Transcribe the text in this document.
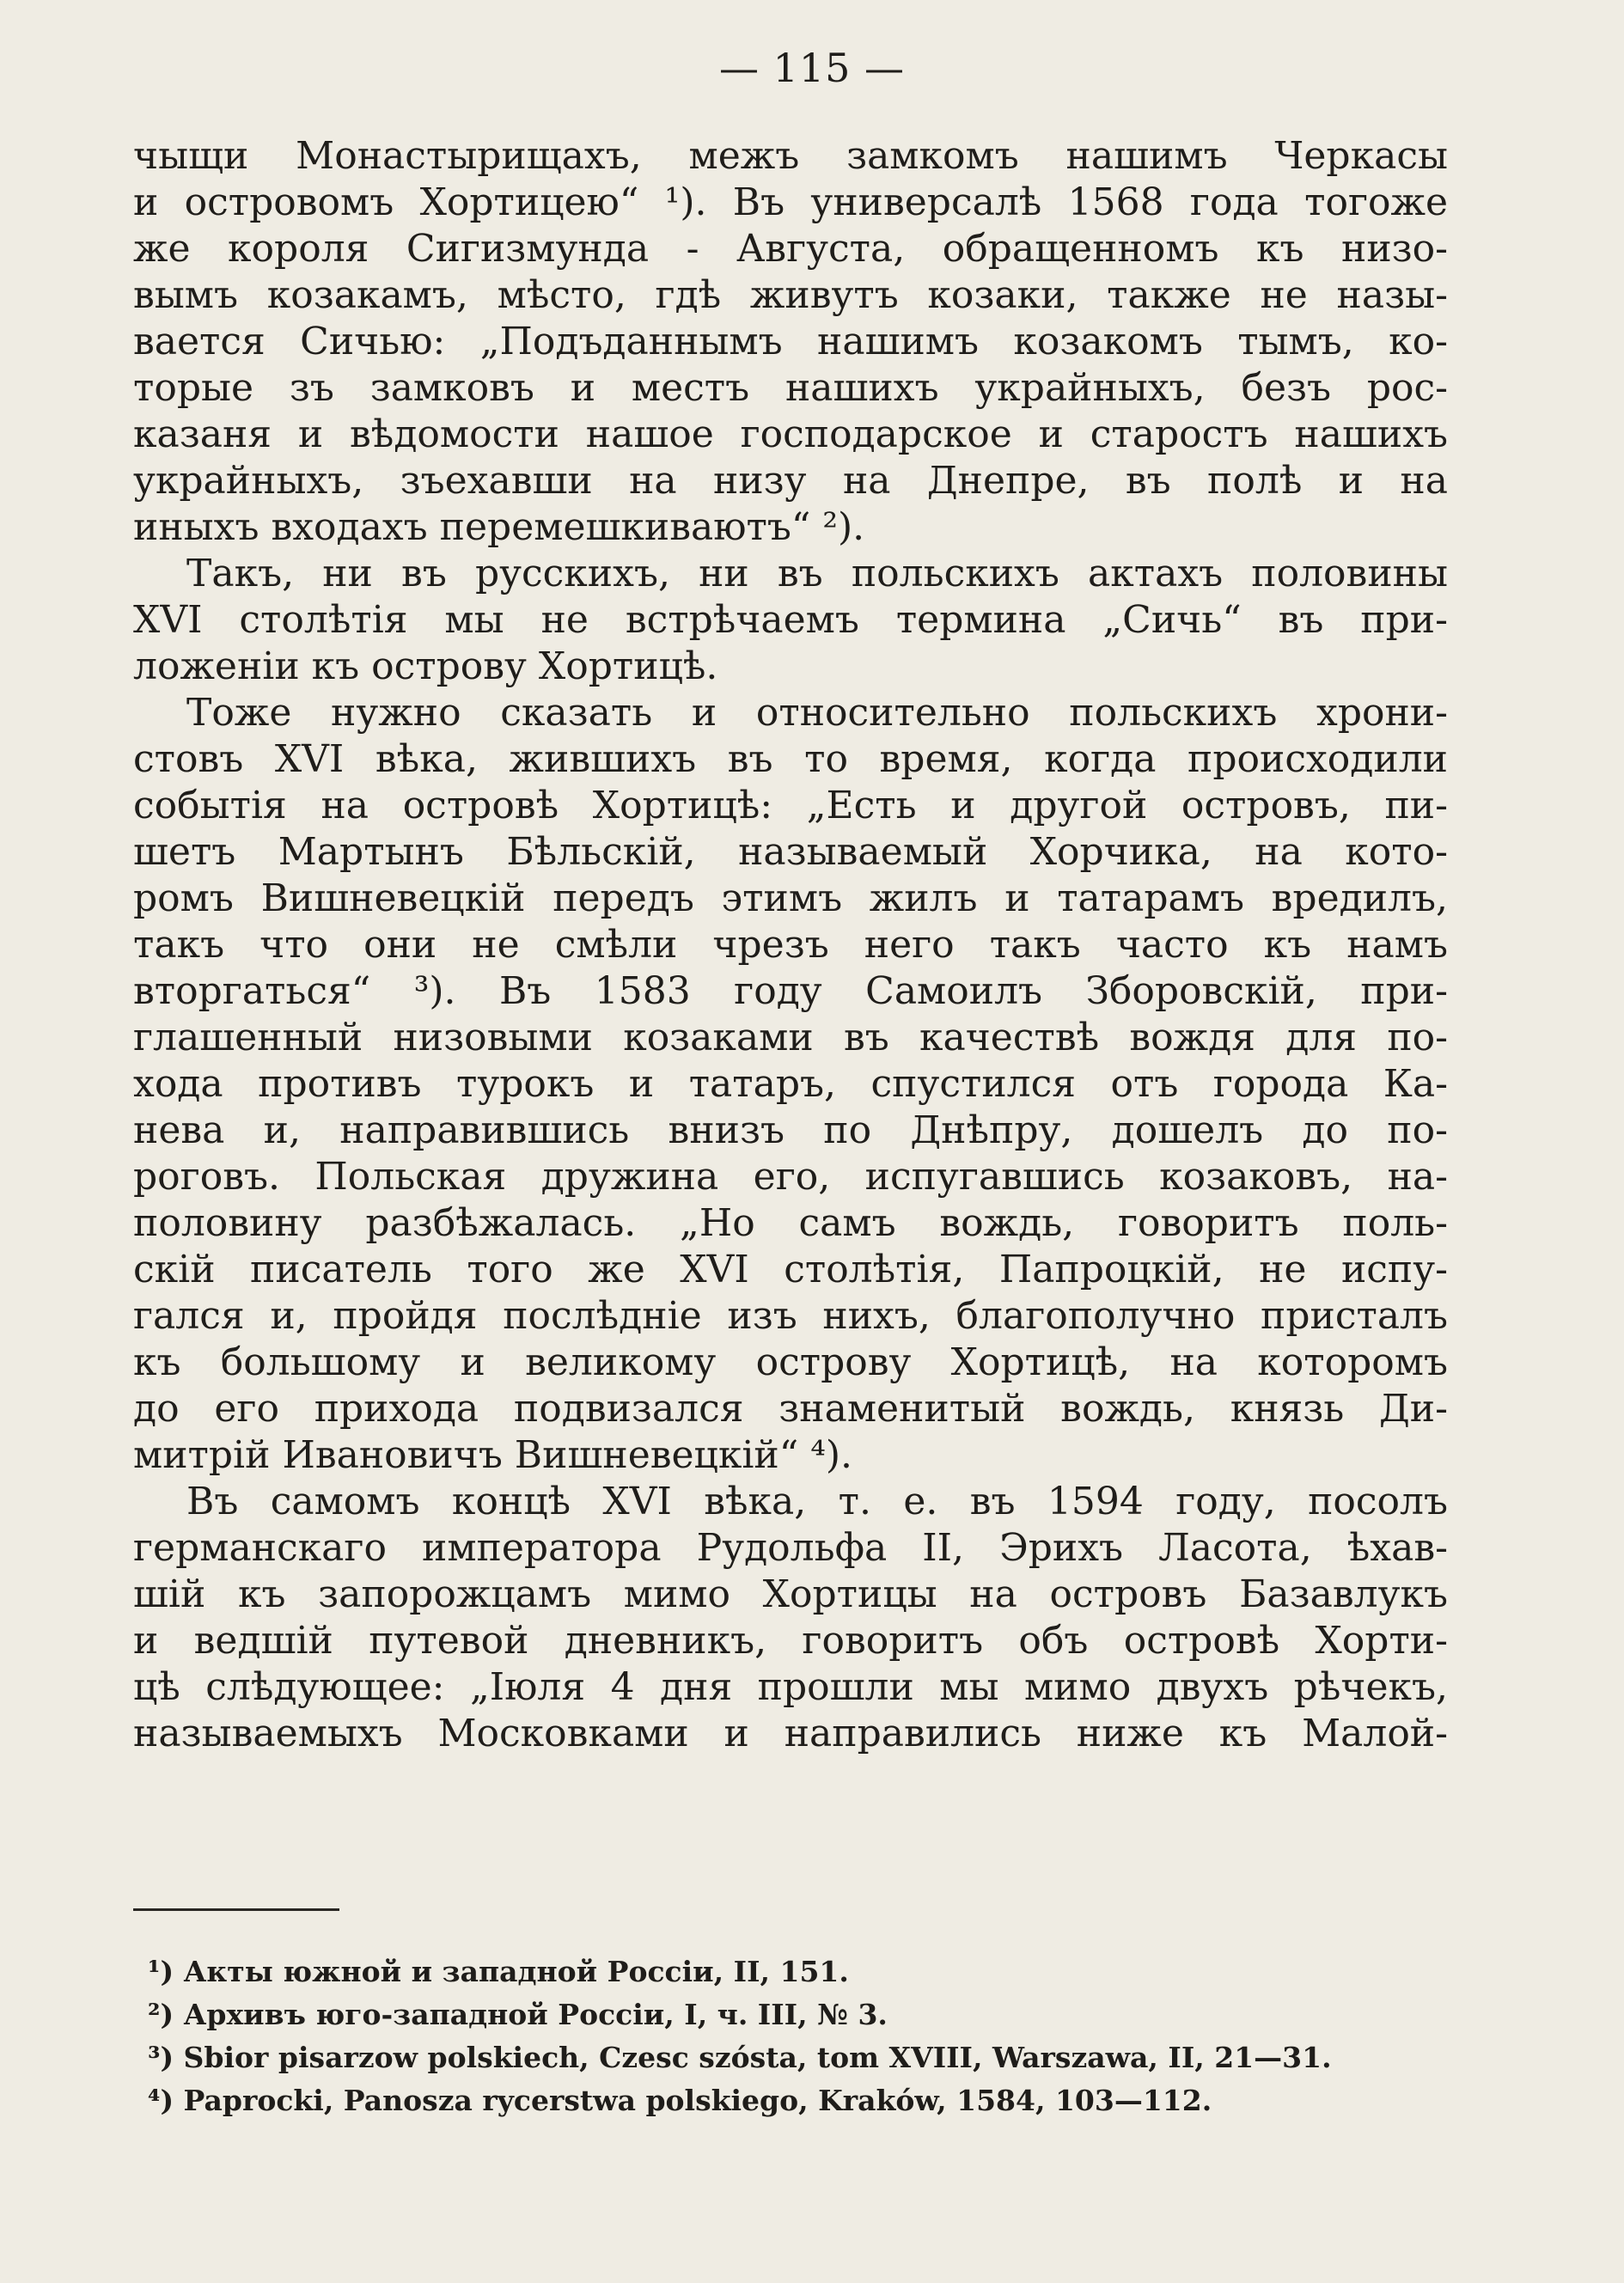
— 115 —
чыщи Монастырищахъ, межъ замкомъ нашимъ Черкасы
и островомъ Хортицею“ ¹). Въ универсалѣ 1568 года тогоже
же короля Сигизмунда - Августа, обращенномъ къ низо-
вымъ козакамъ, мѣсто, гдѣ живутъ козаки, также не назы-
вается Сичью: „Подъданнымъ нашимъ козакомъ тымъ, ко-
торые зъ замковъ и местъ нашихъ украйныхъ, безъ рос-
казаня и вѣдомости нашое господарское и старостъ нашихъ
украйныхъ, зъехавши на низу на Днепре, въ полѣ и на
иныхъ входахъ перемешкиваютъ“ ²).
Такъ, ни въ русскихъ, ни въ польскихъ актахъ половины
XVI столѣтія мы не встрѣчаемъ термина „Сичь“ въ при-
ложеніи къ острову Хортицѣ.
Тоже нужно сказать и относительно польскихъ хрони-
стовъ XVI вѣка, жившихъ въ то время, когда происходили
событія на островѣ Хортицѣ: „Есть и другой островъ, пи-
шетъ Мартынъ Бѣльскій, называемый Хорчика, на кото-
ромъ Вишневецкій передъ этимъ жилъ и татарамъ вредилъ,
такъ что они не смѣли чрезъ него такъ часто къ намъ
вторгаться“ ³). Въ 1583 году Самоилъ Зборовскій, при-
глашенный низовыми козаками въ качествѣ вождя для по-
хода противъ турокъ и татаръ, спустился отъ города Ка-
нева и, направившись внизъ по Днѣпру, дошелъ до по-
роговъ. Польская дружина его, испугавшись козаковъ, на-
половину разбѣжалась. „Но самъ вождь, говоритъ поль-
скій писатель того же XVI столѣтія, Папроцкій, не испу-
гался и, пройдя послѣдніе изъ нихъ, благополучно присталъ
къ большому и великому острову Хортицѣ, на которомъ
до его прихода подвизался знаменитый вождь, князь Ди-
митрій Ивановичъ Вишневецкій“ ⁴).
Въ самомъ концѣ XVI вѣка, т. е. въ 1594 году, посолъ
германскаго императора Рудольфа II, Эрихъ Ласота, ѣхав-
шій къ запорожцамъ мимо Хортицы на островъ Базавлукъ
и ведшій путевой дневникъ, говоритъ объ островѣ Хорти-
цѣ слѣдующее: „Іюля 4 дня прошли мы мимо двухъ рѣчекъ,
называемыхъ Московками и направились ниже къ Малой-
¹) Акты южной и западной Россіи, II, 151.
²) Архивъ юго-западной Россіи, I, ч. III, № 3.
³) Sbior pisarzow polskiech, Czesc szósta, tom XVIII, Warszawa, II, 21—31.
⁴) Paprocki, Panosza rycerstwa polskiego, Kraków, 1584, 103—112.
